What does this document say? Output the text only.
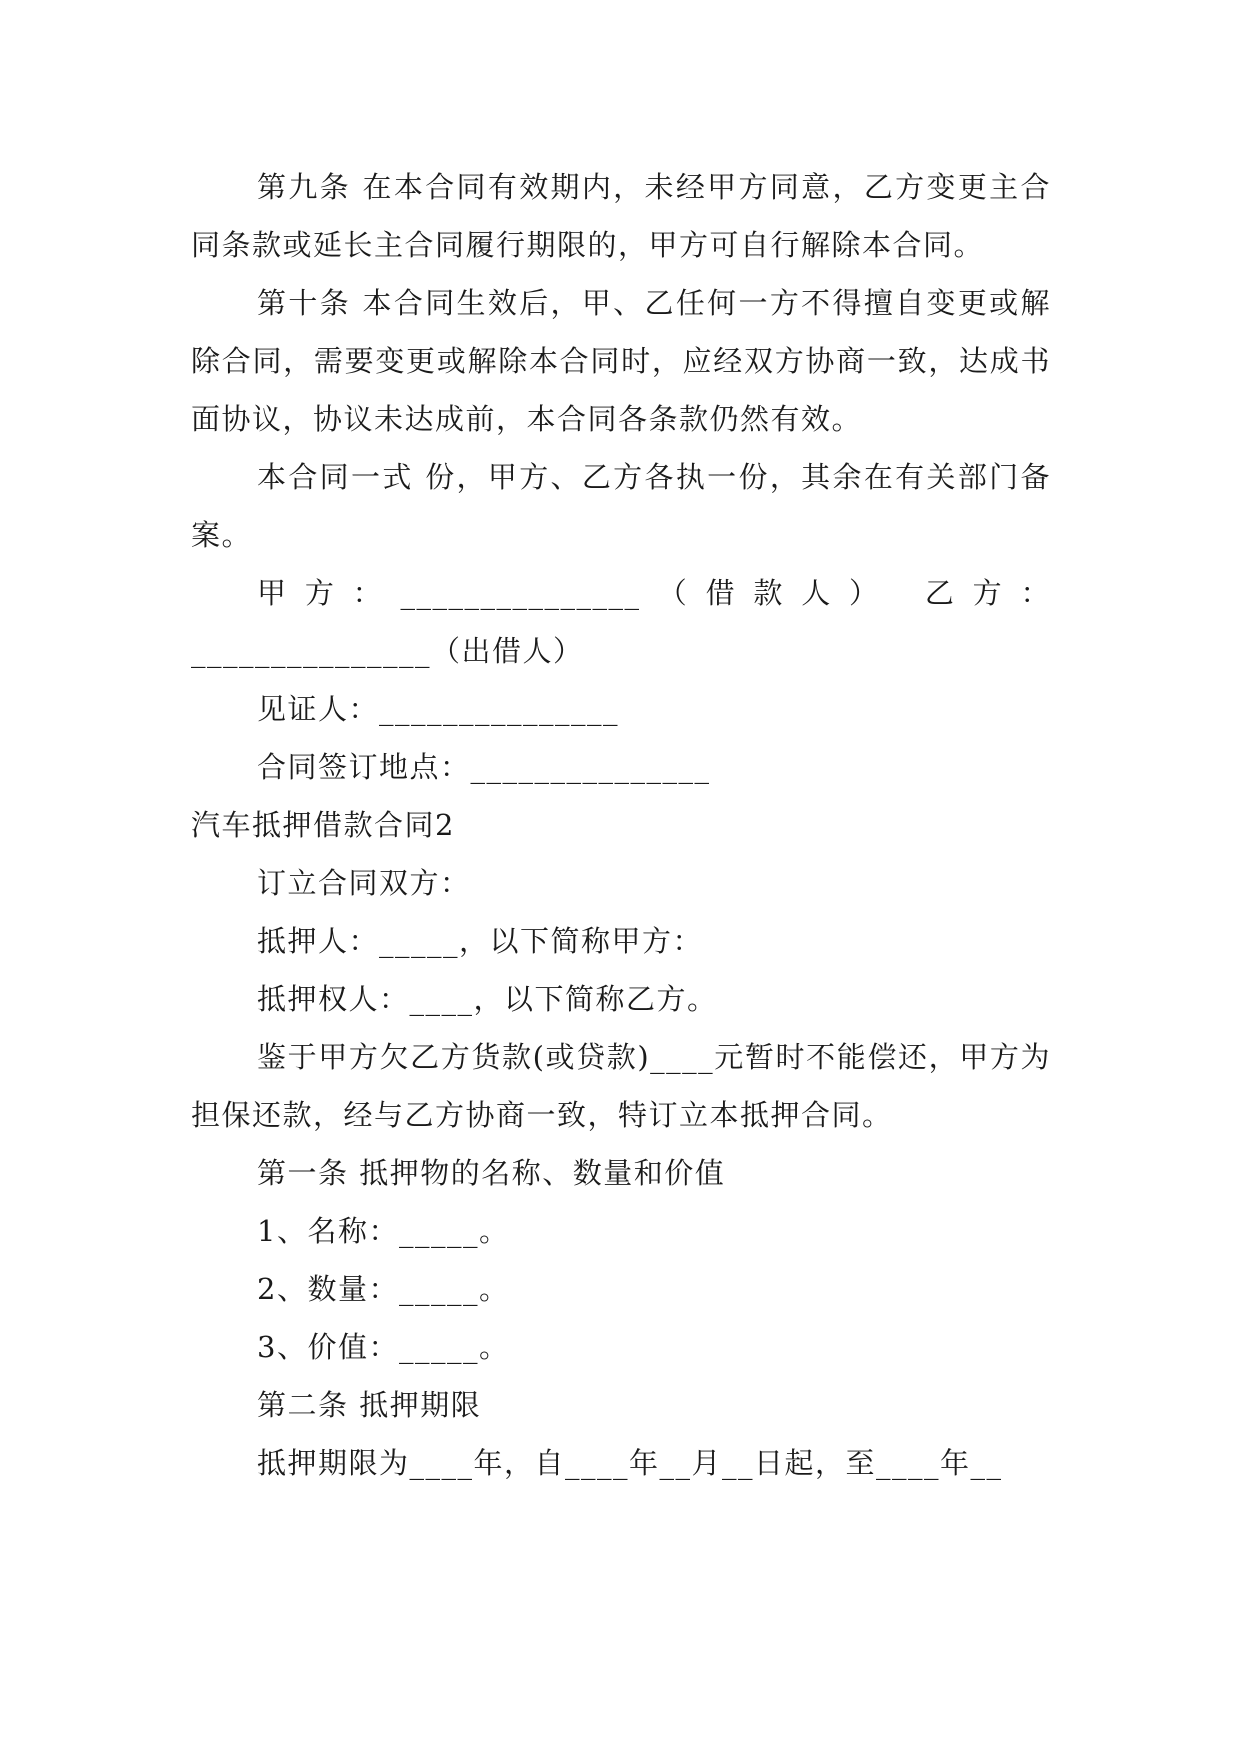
第九条 在本合同有效期内，未经甲方同意，乙方变更主合同条款或延长主合同履行期限的，甲方可自行解除本合同。

第十条 本合同生效后，甲、乙任何一方不得擅自变更或解除合同，需要变更或解除本合同时，应经双方协商一致，达成书面协议，协议未达成前，本合同各条款仍然有效。

本合同一式 份，甲方、乙方各执一份，其余在有关部门备案。

甲方：_______________（借款人） 乙方：_______________（出借人）

见证人：_______________

合同签订地点：_______________

汽车抵押借款合同2

订立合同双方：

抵押人：_____，以下简称甲方：

抵押权人：____，以下简称乙方。

鉴于甲方欠乙方货款(或贷款)____元暂时不能偿还，甲方为担保还款，经与乙方协商一致，特订立本抵押合同。

第一条 抵押物的名称、数量和价值

1、名称：_____。

2、数量：_____。

3、价值：_____。

第二条 抵押期限

抵押期限为____年，自____年__月__日起，至____年__
